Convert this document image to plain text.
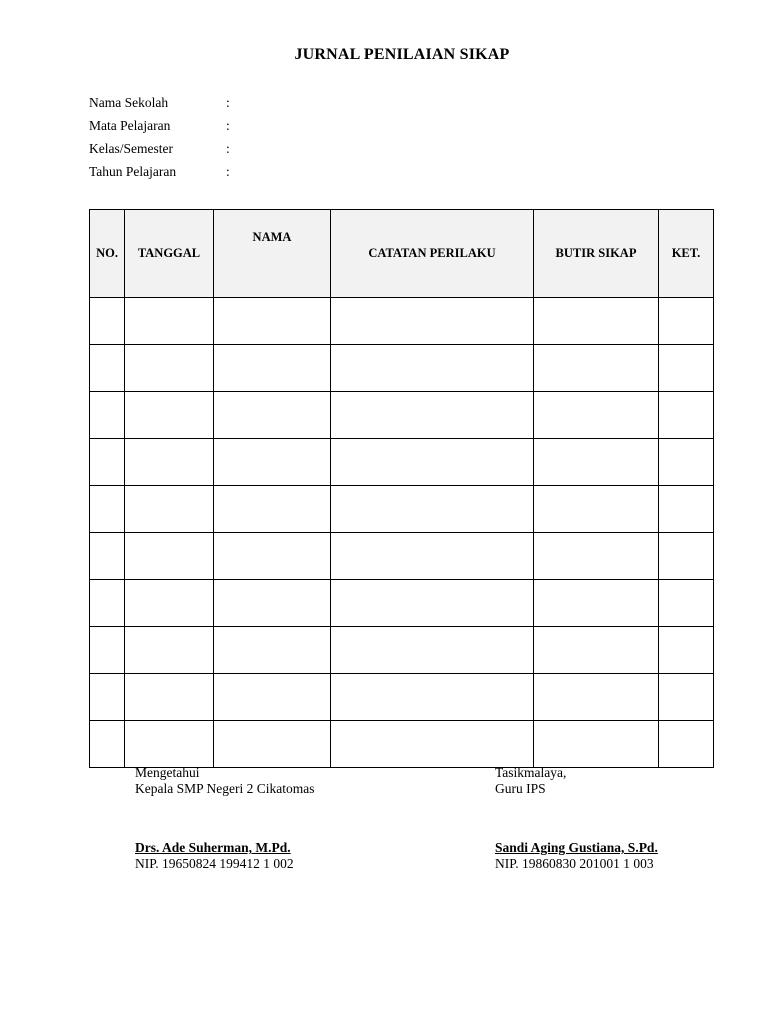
JURNAL PENILAIAN SIKAP
Nama Sekolah	:
Mata Pelajaran	:
Kelas/Semester	:
Tahun Pelajaran	:
NO.	TANGGAL	NAMA	CATATAN PERILAKU	BUTIR SIKAP	KET.

Mengetahui
Kepala SMP Negeri 2 Cikatomas
Tasikmalaya,
Guru IPS
Drs. Ade Suherman, M.Pd.
NIP. 19650824 199412 1 002
Sandi Aging Gustiana, S.Pd.
NIP. 19860830 201001 1 003
